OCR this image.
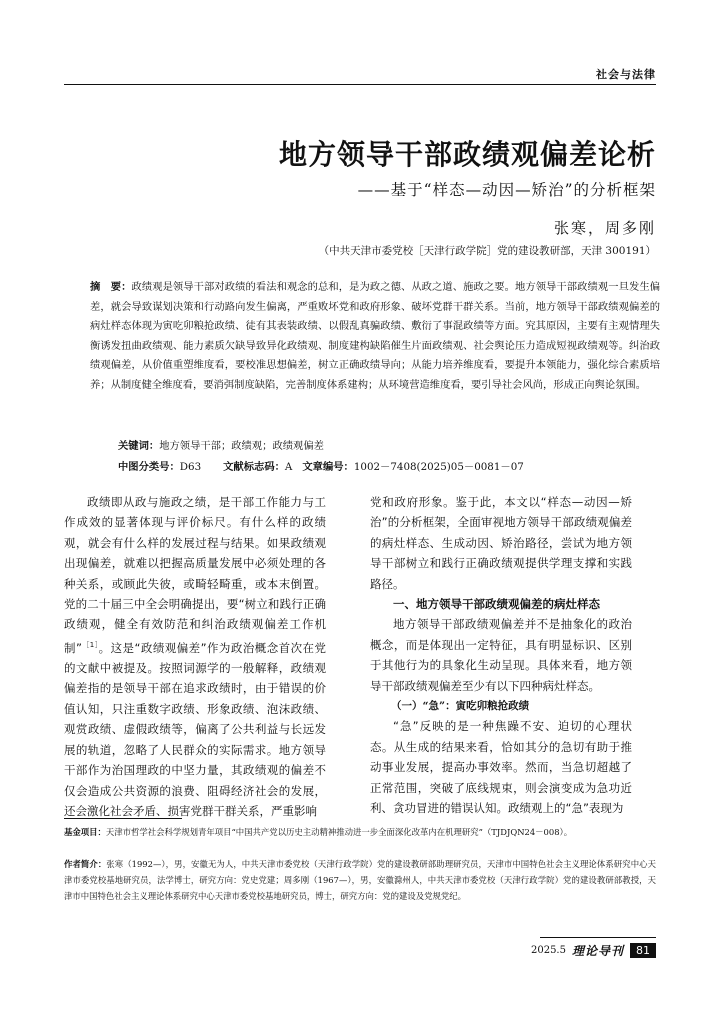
社会与法律
地方领导干部政绩观偏差论析
——基于“样态—动因—矫治”的分析框架
张寒，周多刚
（中共天津市委党校［天津行政学院］党的建设教研部，天津 300191）
摘　要：政绩观是领导干部对政绩的看法和观念的总和，是为政之德、从政之道、施政之要。地方领导干部政绩观一旦发生偏差，就会导致谋划决策和行动路向发生偏离，严重败坏党和政府形象、破坏党群干群关系。当前，地方领导干部政绩观偏差的病灶样态体现为寅吃卯粮抢政绩、徒有其表装政绩、以假乱真骗政绩、敷衍了事混政绩等方面。究其原因，主要有主观情理失衡诱发扭曲政绩观、能力素质欠缺导致异化政绩观、制度建构缺陷催生片面政绩观、社会舆论压力造成短视政绩观等。纠治政绩观偏差，从价值重塑维度看，要校准思想偏差，树立正确政绩导向；从能力培养维度看，要提升本领能力，强化综合素质培养；从制度健全维度看，要消弭制度缺陷，完善制度体系建构；从环境营造维度看，要引导社会风尚，形成正向舆论氛围。
关键词：地方领导干部；政绩观；政绩观偏差
中图分类号：D63 文献标志码：A 文章编号：1002－7408(2025)05－0081－07

政绩即从政与施政之绩，是干部工作能力与工作成效的显著体现与评价标尺。有什么样的政绩观，就会有什么样的发展过程与结果。如果政绩观出现偏差，就难以把握高质量发展中必须处理的各种关系，或顾此失彼，或畸轻畸重，或本末倒置。党的二十届三中全会明确提出，要“树立和践行正确政绩观，健全有效防范和纠治政绩观偏差工作机制”$^{[1]}$。这是“政绩观偏差”作为政治概念首次在党的文献中被提及。按照词源学的一般解释，政绩观偏差指的是领导干部在追求政绩时，由于错误的价值认知，只注重数字政绩、形象政绩、泡沫政绩、观赏政绩、虚假政绩等，偏离了公共利益与长远发展的轨道，忽略了人民群众的实际需求。地方领导干部作为治国理政的中坚力量，其政绩观的偏差不仅会造成公共资源的浪费、阻碍经济社会的发展，还会激化社会矛盾、损害党群干群关系，严重影响

党和政府形象。鉴于此，本文以“样态—动因—矫治”的分析框架，全面审视地方领导干部政绩观偏差的病灶样态、生成动因、矫治路径，尝试为地方领导干部树立和践行正确政绩观提供学理支撑和实践路径。

一、地方领导干部政绩观偏差的病灶样态

地方领导干部政绩观偏差并不是抽象化的政治概念，而是体现出一定特征，具有明显标识、区别于其他行为的具象化生动呈现。具体来看，地方领导干部政绩观偏差至少有以下四种病灶样态。

（一）“急”：寅吃卯粮抢政绩

“急”反映的是一种焦躁不安、迫切的心理状态。从生成的结果来看，恰如其分的急切有助于推动事业发展，提高办事效率。然而，当急切超越了正常范围，突破了底线规束，则会演变成为急功近利、贪功冒进的错误认知。政绩观上的“急”表现为

基金项目：天津市哲学社会科学规划青年项目“中国共产党以历史主动精神推动进一步全面深化改革内在机理研究”（TJDJQN24－008）。
作者简介：张寒（1992—），男，安徽无为人，中共天津市委党校（天津行政学院）党的建设教研部助理研究员，天津市中国特色社会主义理论体系研究中心天津市委党校基地研究员，法学博士，研究方向：党史党建；周多刚（1967—），男，安徽滁州人，中共天津市委党校（天津行政学院）党的建设教研部教授，天津市中国特色社会主义理论体系研究中心天津市委党校基地研究员，博士，研究方向：党的建设及党规党纪。
2025.5 理论导刊	81
